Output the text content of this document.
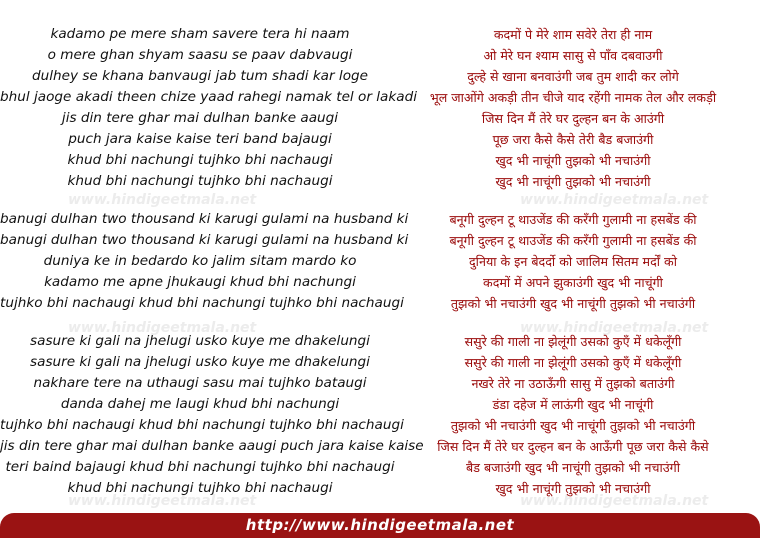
www.hindigeetmala.net	www.hindigeetmala.net
www.hindigeetmala.net	www.hindigeetmala.net
www.hindigeetmala.net	www.hindigeetmala.net
kadamo pe mere sham savere tera hi naam
o mere ghan shyam saasu se paav dabvaugi
dulhey se khana banvaugi jab tum shadi kar loge
bhul jaoge akadi theen chize yaad rahegi namak tel or lakadi
jis din tere ghar mai dulhan banke aaugi
puch jara kaise kaise teri band bajaugi
khud bhi nachungi tujhko bhi nachaugi
khud bhi nachungi tujhko bhi nachaugi
banugi dulhan two thousand ki karugi gulami na husband ki
banugi dulhan two thousand ki karugi gulami na husband ki
duniya ke in bedardo ko jalim sitam mardo ko
kadamo me apne jhukaugi khud bhi nachungi
tujhko bhi nachaugi khud bhi nachungi tujhko bhi nachaugi
sasure ki gali na jhelugi usko kuye me dhakelungi
sasure ki gali na jhelugi usko kuye me dhakelungi
nakhare tere na uthaugi sasu mai tujhko bataugi
danda dahej me laugi khud bhi nachungi
tujhko bhi nachaugi khud bhi nachungi tujhko bhi nachaugi
jis din tere ghar mai dulhan banke aaugi puch jara kaise kaise
teri baind bajaugi khud bhi nachungi tujhko bhi nachaugi
khud bhi nachungi tujhko bhi nachaugi
कदमों पे मेरे शाम सवेरे तेरा ही नाम
ओ मेरे घन श्याम सासु से पाँव दबवाउगी
दुल्हे से खाना बनवाउंगी जब तुम शादी कर लोगे
भूल जाओंगे अकड़ी तीन चीजे याद रहेंगी नामक तेल और लकड़ी
जिस दिन मैं तेरे घर दुल्हन बन के आउंगी
पूछ जरा कैसे कैसे तेरी बैड बजाउंगी
खुद भी नाचूंगी तुझको भी नचाउंगी
खुद भी नाचूंगी तुझको भी नचाउंगी
बनूगी दुल्हन टू थाउजेंड की करँगी गुलामी ना हसबेंड की
बनूगी दुल्हन टू थाउजेंड की करँगी गुलामी ना हसबेंड की
दुनिया के इन बेदर्दो को जालिम सितम मर्दों को
कदमों में अपने झुकाउंगी खुद भी नाचूंगी
तुझको भी नचाउंगी खुद भी नाचूंगी तुझको भी नचाउंगी
ससुरे की गाली ना झेलूंगी उसको कुएँ में धकेलूँगी
ससुरे की गाली ना झेलूंगी उसको कुएँ में धकेलूँगी
नखरे तेरे ना उठाऊँगी सासु में तुझको बताउंगी
डंडा दहेज में लाऊंगी खुद भी नाचूंगी
तुझको भी नचाउंगी खुद भी नाचूंगी तुझको भी नचाउंगी
जिस दिन मैं तेरे घर दुल्हन बन के आऊँगी पूछ जरा कैसे कैसे
बैड बजाउंगी खुद भी नाचूंगी तुझको भी नचाउंगी
खुद भी नाचूंगी तुझको भी नचाउंगी
http://www.hindigeetmala.net
